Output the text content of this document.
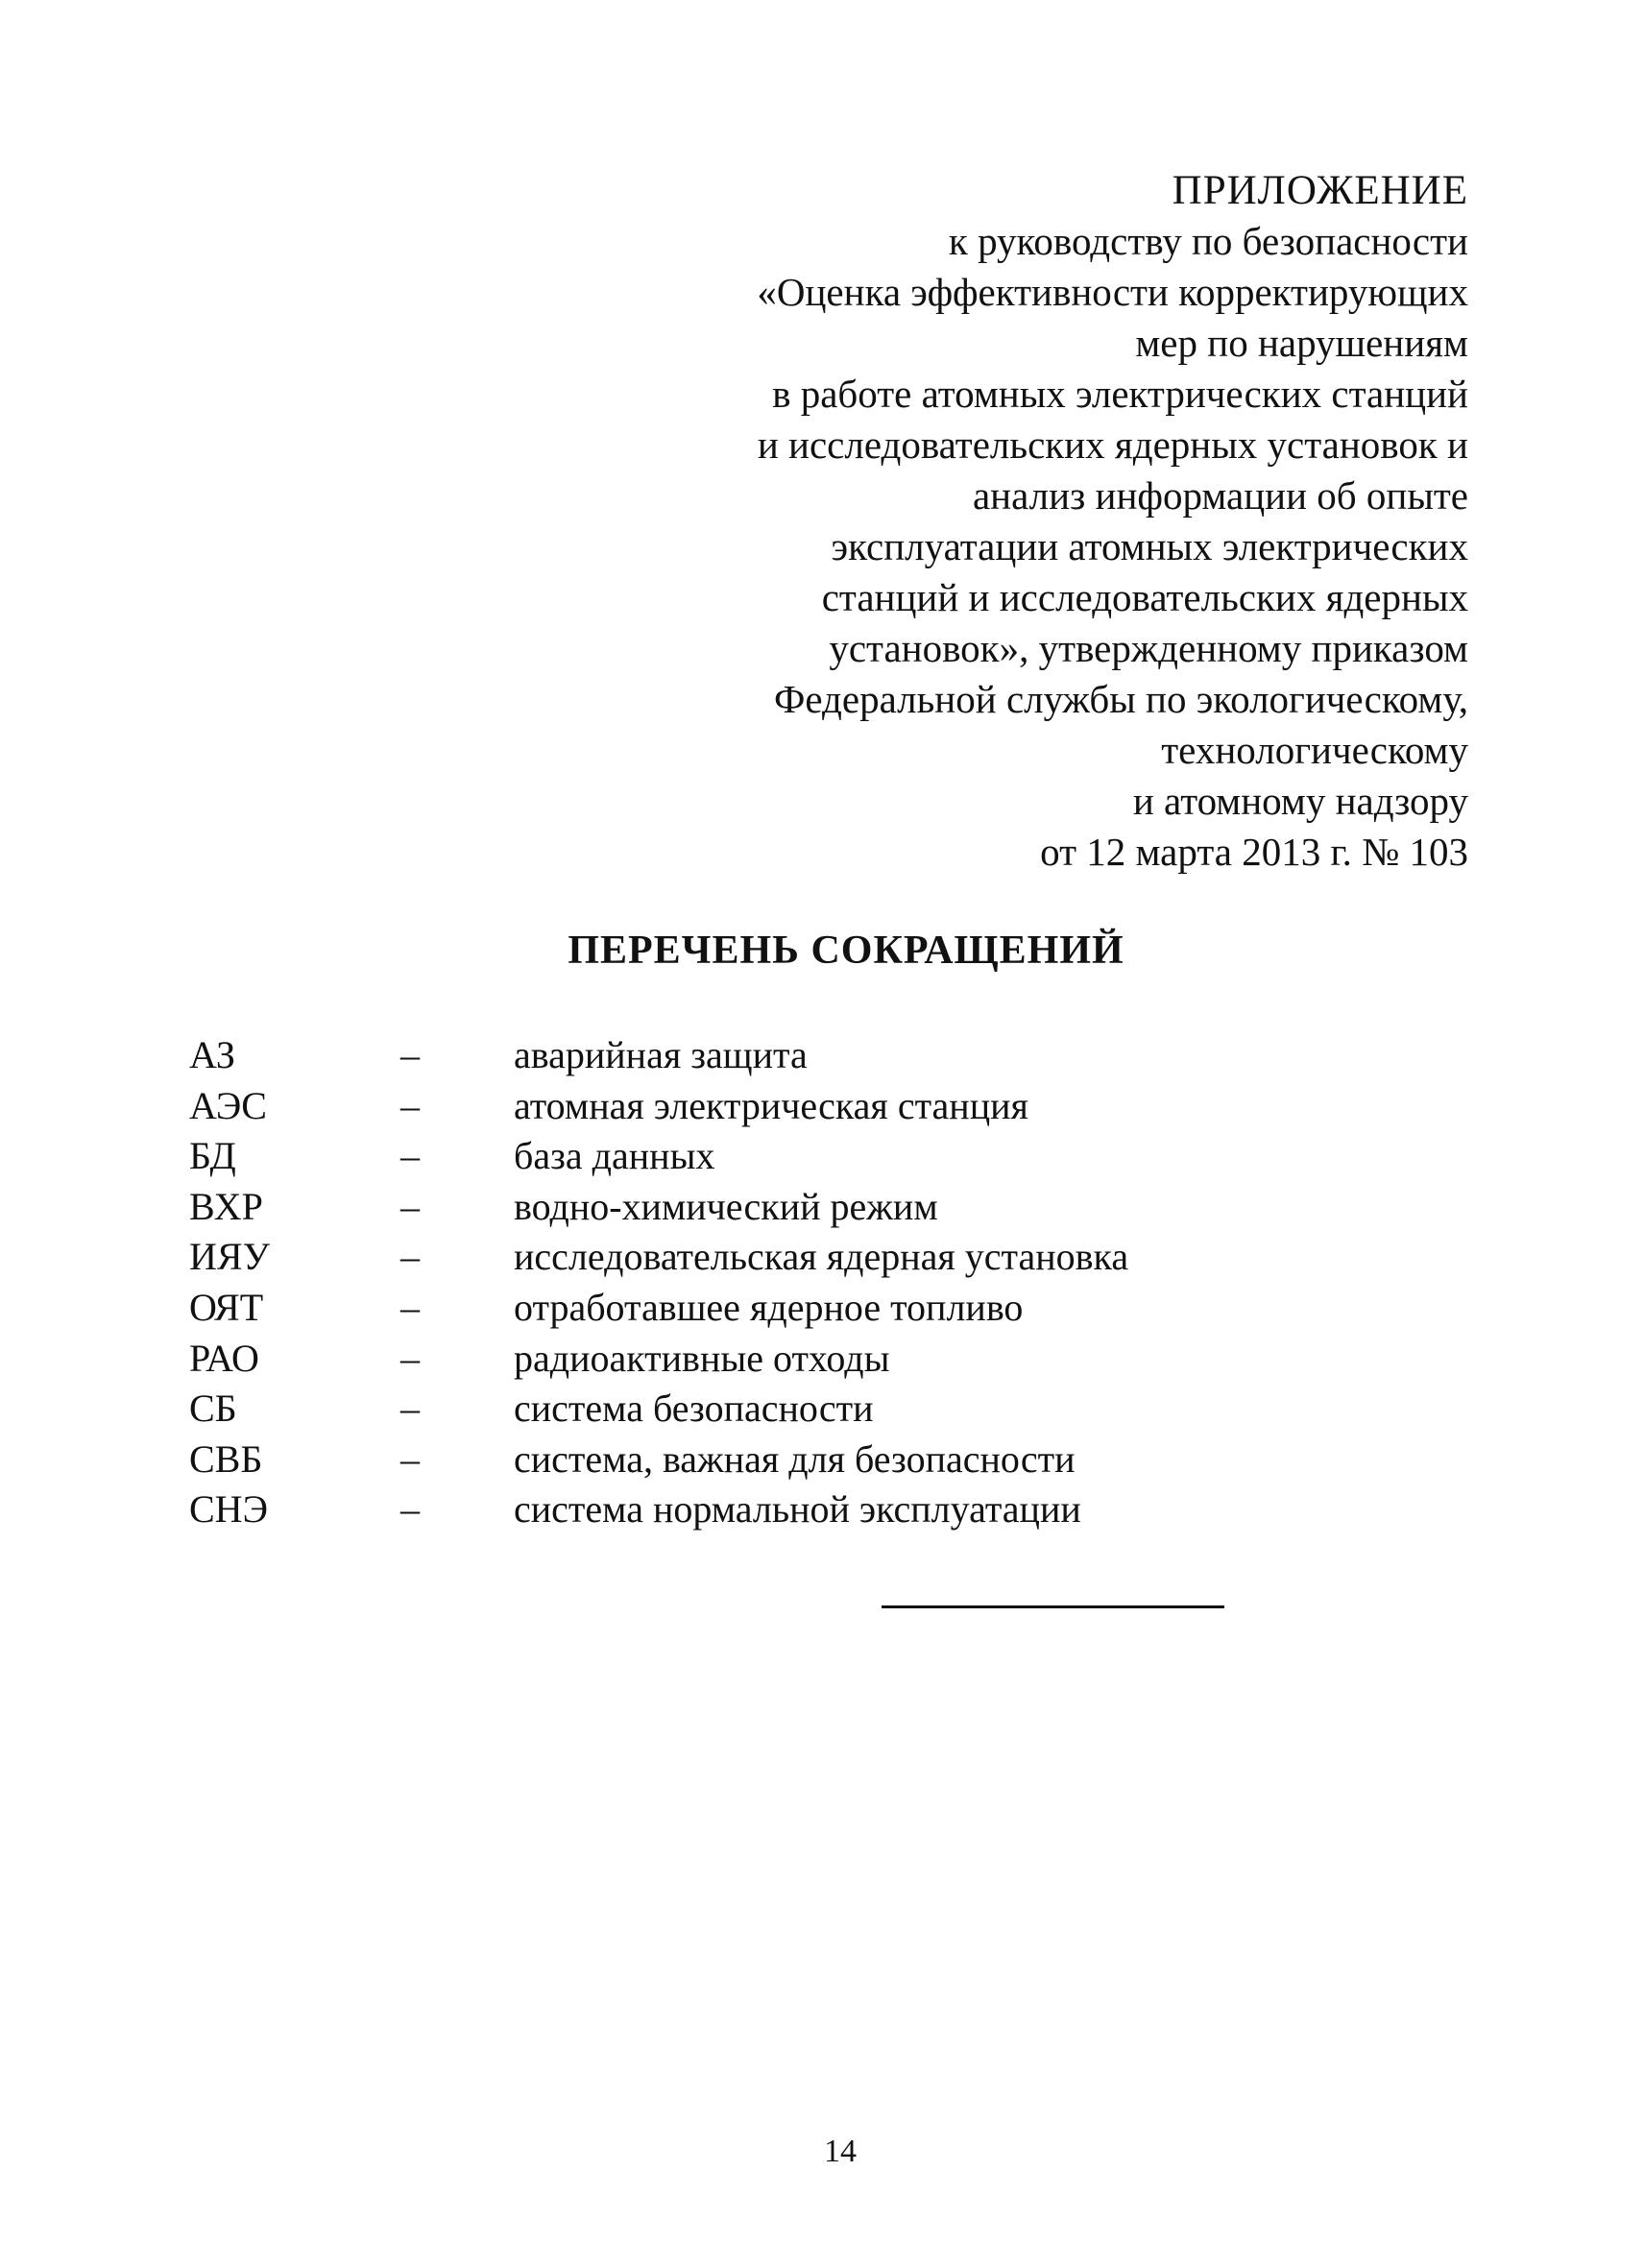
ПРИЛОЖЕНИЕ
к руководству по безопасности
«Оценка эффективности корректирующих
мер по нарушениям
в работе атомных электрических станций
и исследовательских ядерных установок и
анализ информации об опыте
эксплуатации атомных электрических
станций и исследовательских ядерных
установок», утвержденному приказом
Федеральной службы по экологическому,
технологическому
и атомному надзору
от 12 марта 2013 г. № 103
ПЕРЕЧЕНЬ СОКРАЩЕНИЙ
АЗ	– аварийная защита
АЭС	– атомная электрическая станция
БД	– база данных
ВХР	– водно-химический режим
ИЯУ	– исследовательская ядерная установка
ОЯТ	– отработавшее ядерное топливо
РАО	– радиоактивные отходы
СБ	– система безопасности
СВБ	– система, важная для безопасности
СНЭ	– система нормальной эксплуатации
14
